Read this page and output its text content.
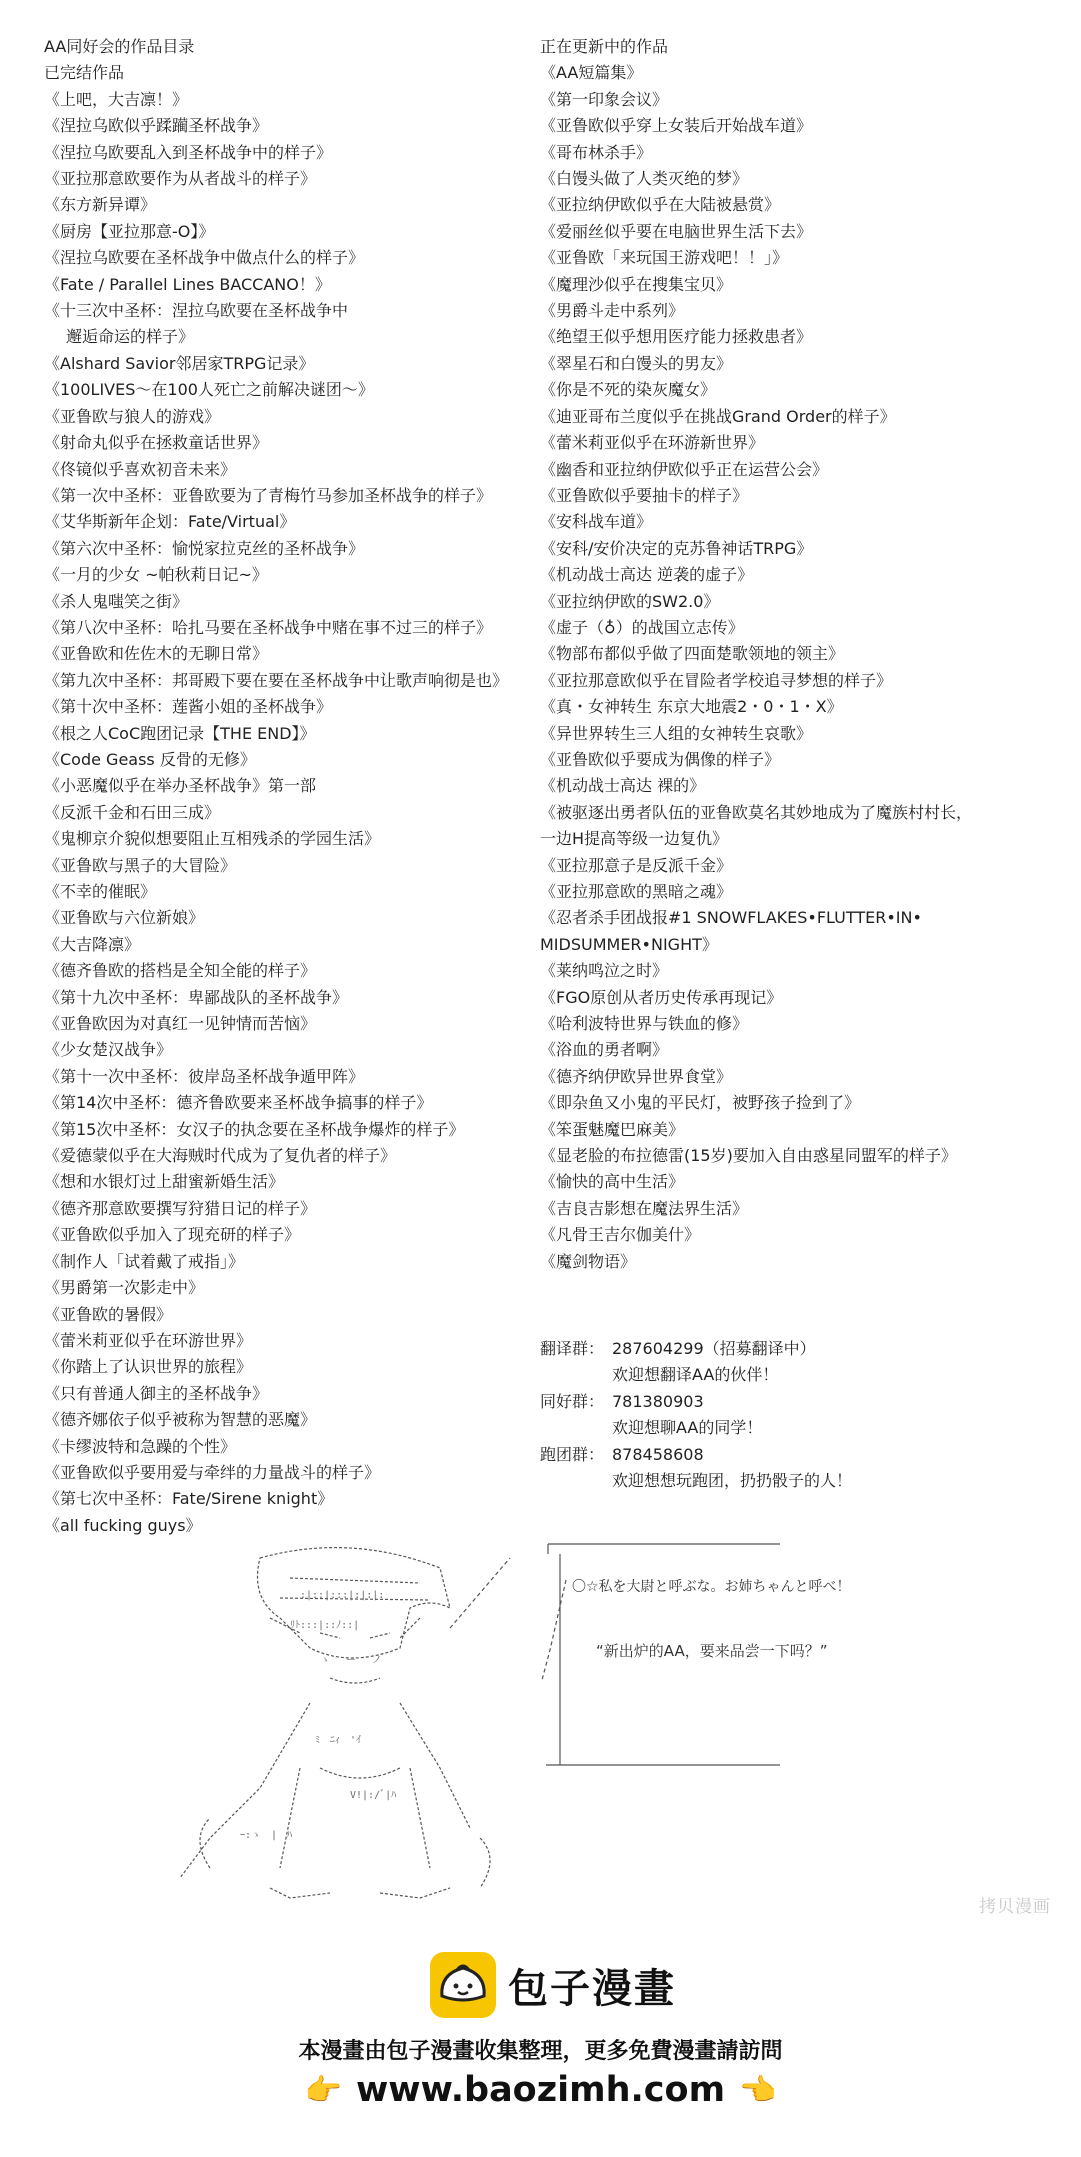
AA同好会的作品目录
已完结作品
《上吧，大吉凛！》
《涅拉乌欧似乎蹂躏圣杯战争》
《涅拉乌欧要乱入到圣杯战争中的样子》
《亚拉那意欧要作为从者战斗的样子》
《东方新异谭》
《厨房【亚拉那意-O】》
《涅拉乌欧要在圣杯战争中做点什么的样子》
《Fate / Parallel Lines BACCANO！》
《十三次中圣杯：涅拉乌欧要在圣杯战争中
邂逅命运的样子》
《Alshard Savior邻居家TRPG记录》
《100LIVES～在100人死亡之前解决谜团～》
《亚鲁欧与狼人的游戏》
《射命丸似乎在拯救童话世界》
《佟镜似乎喜欢初音未来》
《第一次中圣杯：亚鲁欧要为了青梅竹马参加圣杯战争的样子》
《艾华斯新年企划：Fate/Virtual》
《第六次中圣杯：愉悦家拉克丝的圣杯战争》
《一月的少女 ~帕秋莉日记~》
《杀人鬼嗤笑之街》
《第八次中圣杯：哈扎马要在圣杯战争中赌在事不过三的样子》
《亚鲁欧和佐佐木的无聊日常》
《第九次中圣杯：邦哥殿下要在要在圣杯战争中让歌声响彻是也》
《第十次中圣杯：莲酱小姐的圣杯战争》
《根之人CoC跑团记录【THE END】》
《Code Geass 反骨的无修》
《小恶魔似乎在举办圣杯战争》第一部
《反派千金和石田三成》
《鬼柳京介貌似想要阻止互相残杀的学园生活》
《亚鲁欧与黑子的大冒险》
《不幸的催眠》
《亚鲁欧与六位新娘》
《大吉降凛》
《德齐鲁欧的搭档是全知全能的样子》
《第十九次中圣杯：卑鄙战队的圣杯战争》
《亚鲁欧因为对真红一见钟情而苦恼》
《少女楚汉战争》
《第十一次中圣杯：彼岸岛圣杯战争遁甲阵》
《第14次中圣杯：德齐鲁欧要来圣杯战争搞事的样子》
《第15次中圣杯：女汉子的执念要在圣杯战争爆炸的样子》
《爱德蒙似乎在大海贼时代成为了复仇者的样子》
《想和水银灯过上甜蜜新婚生活》
《德齐那意欧要撰写狩猎日记的样子》
《亚鲁欧似乎加入了现充研的样子》
《制作人「试着戴了戒指」》
《男爵第一次影走中》
《亚鲁欧的暑假》
《蕾米莉亚似乎在环游世界》
《你踏上了认识世界的旅程》
《只有普通人御主的圣杯战争》
《德齐娜依子似乎被称为智慧的恶魔》
《卡缪波特和急躁的个性》
《亚鲁欧似乎要用爱与牵绊的力量战斗的样子》
《第七次中圣杯：Fate/Sirene knight》
《all fucking guys》
正在更新中的作品
《AA短篇集》
《第一印象会议》
《亚鲁欧似乎穿上女装后开始战车道》
《哥布林杀手》
《白馒头做了人类灭绝的梦》
《亚拉纳伊欧似乎在大陆被悬赏》
《爱丽丝似乎要在电脑世界生活下去》
《亚鲁欧「来玩国王游戏吧！！」》
《魔理沙似乎在搜集宝贝》
《男爵斗走中系列》
《绝望王似乎想用医疗能力拯救患者》
《翠星石和白馒头的男友》
《你是不死的染灰魔女》
《迪亚哥布兰度似乎在挑战Grand Order的样子》
《蕾米莉亚似乎在环游新世界》
《幽香和亚拉纳伊欧似乎正在运营公会》
《亚鲁欧似乎要抽卡的样子》
《安科战车道》
《安科/安价决定的克苏鲁神话TRPG》
《机动战士高达 逆袭的虚子》
《亚拉纳伊欧的SW2.0》
《虚子（♁）的战国立志传》
《物部布都似乎做了四面楚歌领地的领主》
《亚拉那意欧似乎在冒险者学校追寻梦想的样子》
《真・女神转生 东京大地震2・0・1・X》
《异世界转生三人组的女神转生哀歌》
《亚鲁欧似乎要成为偶像的样子》
《机动战士高达 裸的》
《被驱逐出勇者队伍的亚鲁欧莫名其妙地成为了魔族村村长，
一边H提高等级一边复仇》
《亚拉那意子是反派千金》
《亚拉那意欧的黑暗之魂》
《忍者杀手团战报#1 SNOWFLAKES•FLUTTER•IN•
MIDSUMMER•NIGHT》
《莱纳鸣泣之时》
《FGO原创从者历史传承再现记》
《哈利波特世界与铁血的修》
《浴血的勇者啊》
《德齐纳伊欧异世界食堂》
《即杂鱼又小鬼的平民灯，被野孩子捡到了》
《笨蛋魅魔巴麻美》
《显老脸的布拉德雷(15岁)要加入自由惑星同盟军的样子》
《愉快的高中生活》
《吉良吉影想在魔法界生活》
《凡骨王吉尔伽美什》
《魔剑物语》
翻译群： 287604299（招募翻译中）
欢迎想翻译AA的伙伴！
同好群： 781380903
欢迎想聊AA的同学！
跑团群： 878458608
欢迎想想玩跑团，扔扔骰子的人！
:|::|:::|:|:|:
ﾘﾄ:::|::ﾉ::|
ゝ　 ー 　ノ
ﾐ　ﾆｨ　'ｲ
V!|:/ﾞ|ﾊ
ｰ:ゝ　|　ﾊ
〇☆私を大尉と呼ぶな。お姉ちゃんと呼べ！
“新出炉的AA，要来品尝一下吗？”
拷贝漫画
包子漫畫
本漫畫由包子漫畫收集整理，更多免費漫畫請訪問
👉 www.baozimh.com 👈
